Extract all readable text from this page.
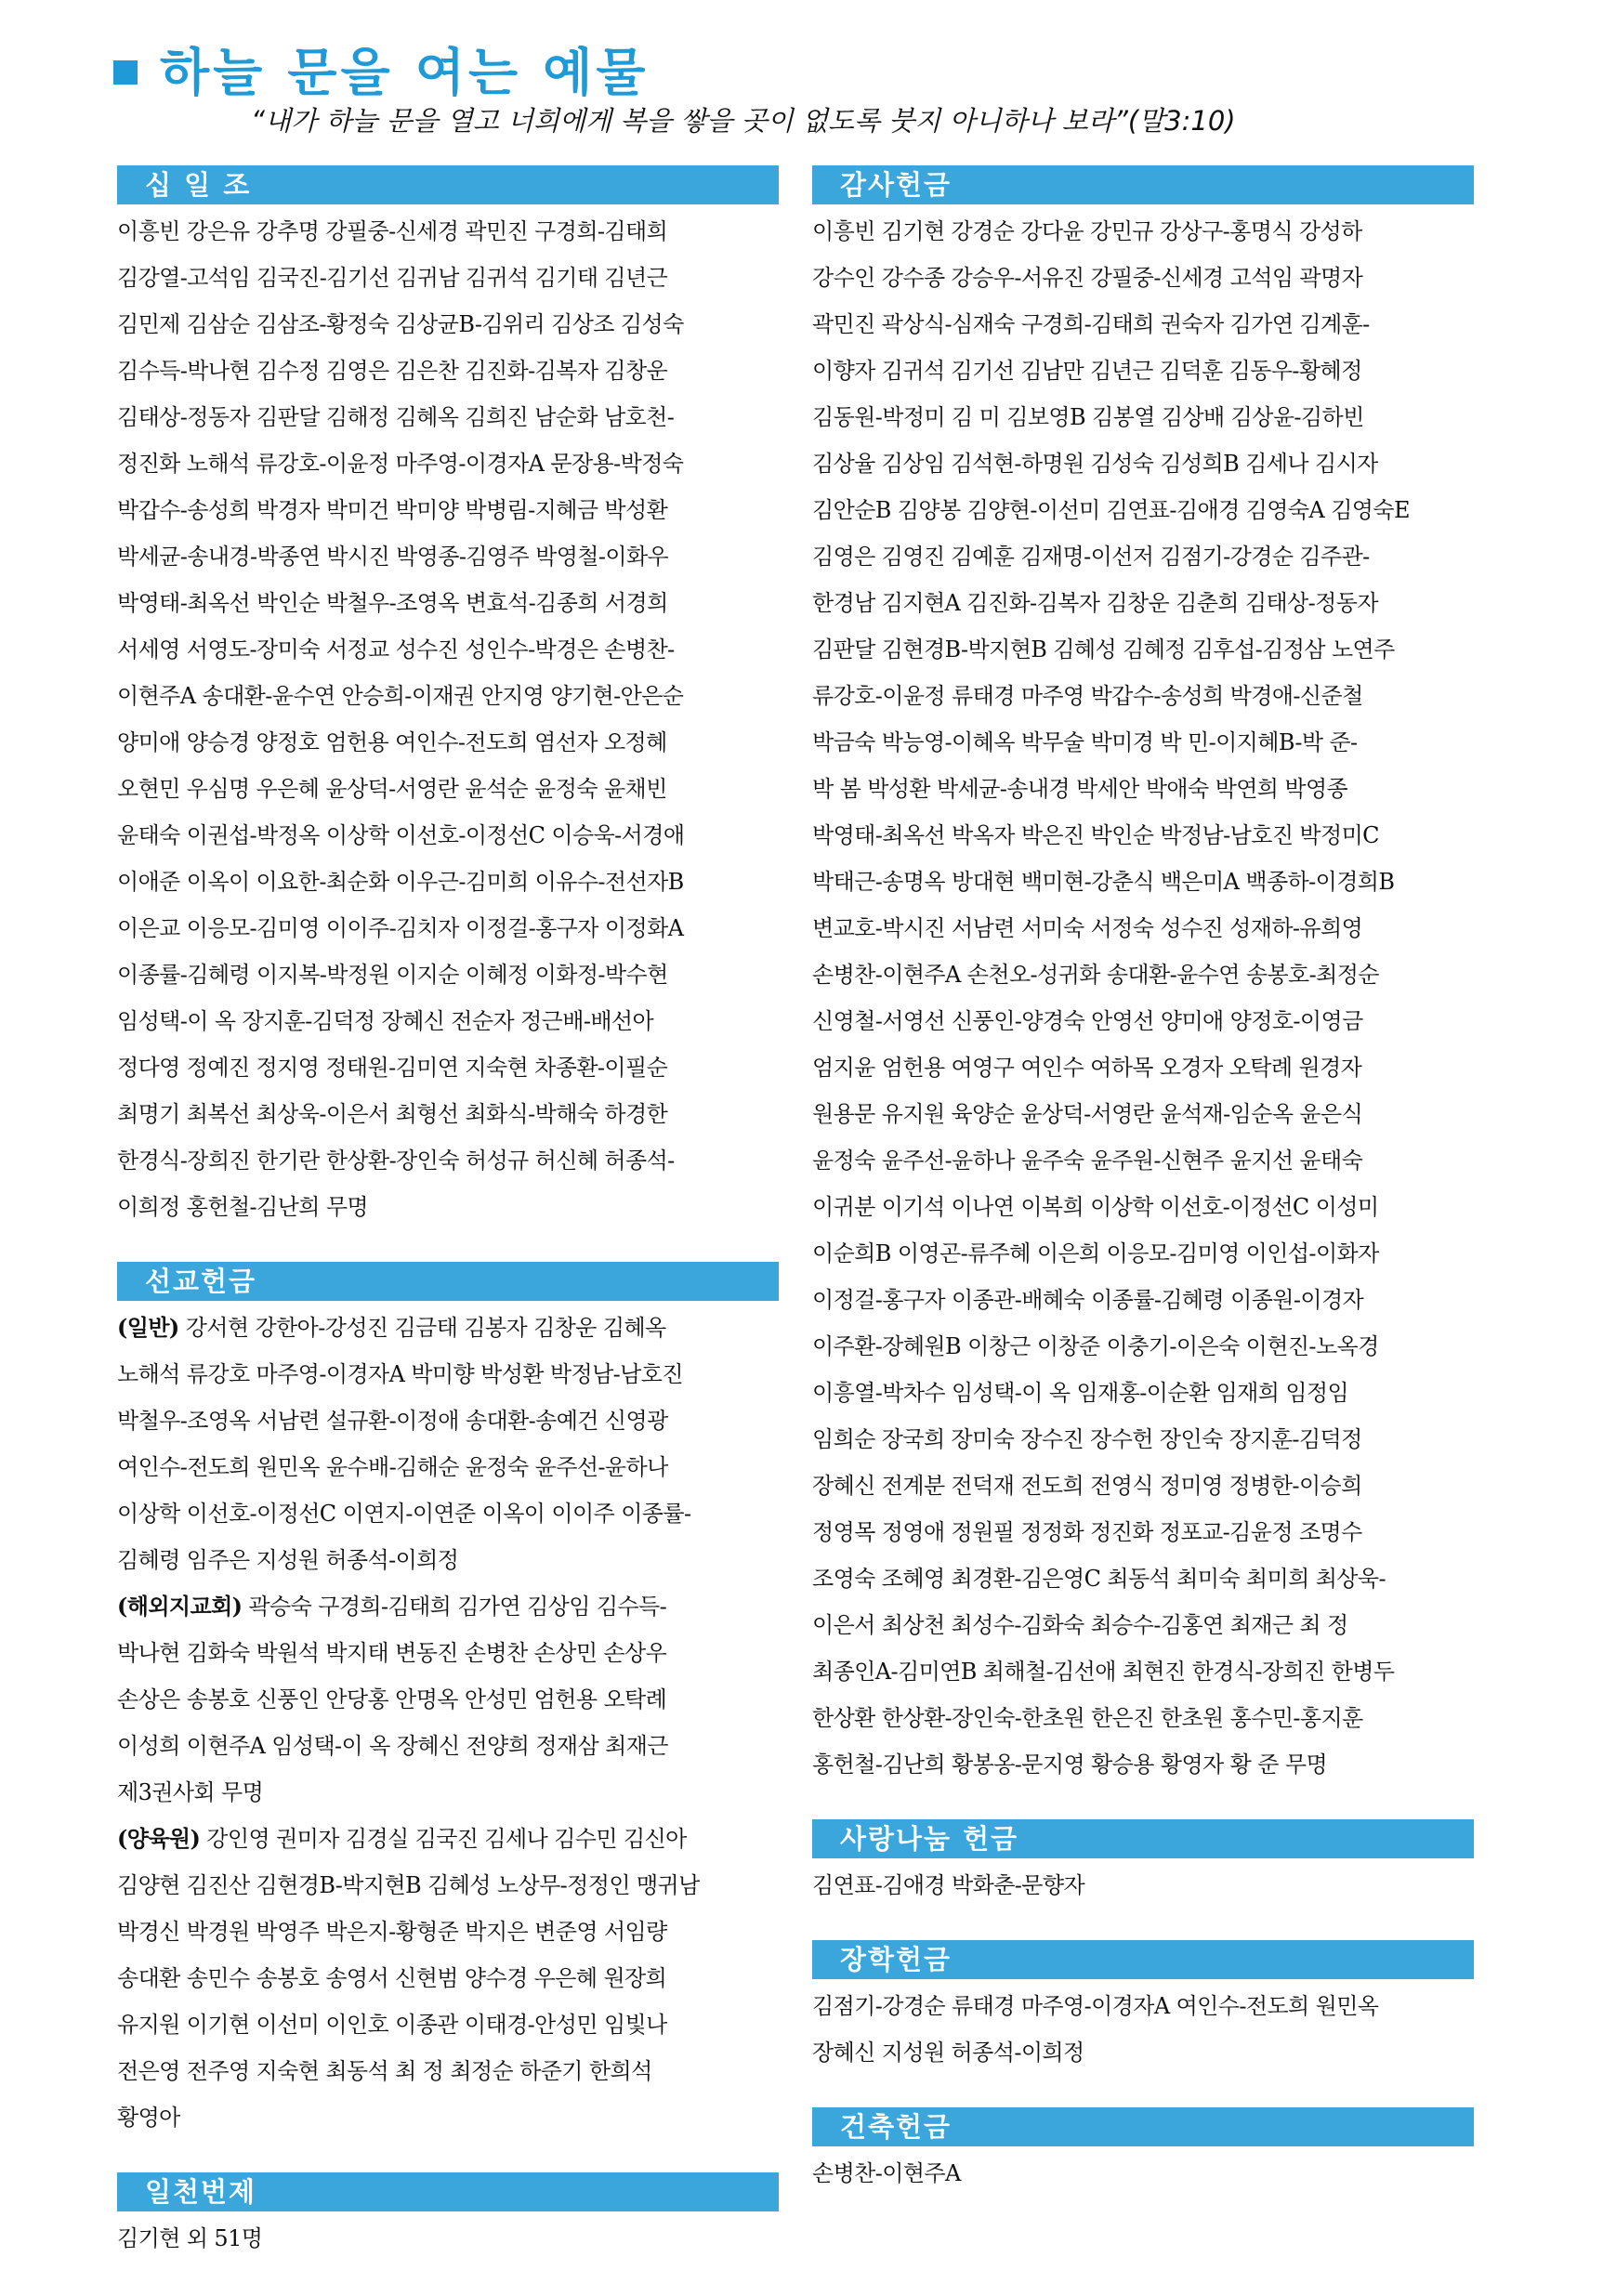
하늘 문을 여는 예물
“내가 하늘 문을 열고 너희에게 복을 쌓을 곳이 없도록 붓지 아니하나 보라”(말3:10)
십 일 조
이흥빈 강은유 강추명 강필중-신세경 곽민진 구경희-김태희
김강열-고석임 김국진-김기선 김귀남 김귀석 김기태 김년근
김민제 김삼순 김삼조-황정숙 김상균B-김위리 김상조 김성숙
김수득-박나현 김수정 김영은 김은찬 김진화-김복자 김창운
김태상-정동자 김판달 김해정 김혜옥 김희진 남순화 남호천-
정진화 노해석 류강호-이윤정 마주영-이경자A 문장용-박정숙
박갑수-송성희 박경자 박미건 박미양 박병림-지혜금 박성환
박세균-송내경-박종연 박시진 박영종-김영주 박영철-이화우
박영태-최옥선 박인순 박철우-조영옥 변효석-김종희 서경희
서세영 서영도-장미숙 서정교 성수진 성인수-박경은 손병찬-
이현주A 송대환-윤수연 안승희-이재권 안지영 양기현-안은순
양미애 양승경 양정호 엄헌용 여인수-전도희 염선자 오정혜
오현민 우심명 우은혜 윤상덕-서영란 윤석순 윤정숙 윤채빈
윤태숙 이권섭-박정옥 이상학 이선호-이정선C 이승욱-서경애
이애준 이옥이 이요한-최순화 이우근-김미희 이유수-전선자B
이은교 이응모-김미영 이이주-김치자 이정걸-홍구자 이정화A
이종률-김혜령 이지복-박정원 이지순 이혜정 이화정-박수현
임성택-이 옥 장지훈-김덕정 장혜신 전순자 정근배-배선아
정다영 정예진 정지영 정태원-김미연 지숙현 차종환-이필순
최명기 최복선 최상욱-이은서 최형선 최화식-박해숙 하경한
한경식-장희진 한기란 한상환-장인숙 허성규 허신혜 허종석-
이희정 홍헌철-김난희 무명
선교헌금
(일반) 강서현 강한아-강성진 김금태 김봉자 김창운 김혜옥
노해석 류강호 마주영-이경자A 박미향 박성환 박정남-남호진
박철우-조영옥 서남련 설규환-이정애 송대환-송예건 신영광
여인수-전도희 원민옥 윤수배-김해순 윤정숙 윤주선-윤하나
이상학 이선호-이정선C 이연지-이연준 이옥이 이이주 이종률-
김혜령 임주은 지성원 허종석-이희정
(해외지교회) 곽승숙 구경희-김태희 김가연 김상임 김수득-
박나현 김화숙 박원석 박지태 변동진 손병찬 손상민 손상우
손상은 송봉호 신풍인 안당홍 안명옥 안성민 엄헌용 오탁례
이성희 이현주A 임성택-이 옥 장혜신 전양희 정재삼 최재근
제3권사회 무명
(양육원) 강인영 권미자 김경실 김국진 김세나 김수민 김신아
김양현 김진산 김현경B-박지현B 김혜성 노상무-정정인 맹귀남
박경신 박경원 박영주 박은지-황형준 박지은 변준영 서임량
송대환 송민수 송봉호 송영서 신현범 양수경 우은혜 원장희
유지원 이기현 이선미 이인호 이종관 이태경-안성민 임빛나
전은영 전주영 지숙현 최동석 최 정 최정순 하준기 한희석
황영아
일천번제
김기현 외 51명
감사헌금
이흥빈 김기현 강경순 강다윤 강민규 강상구-홍명식 강성하
강수인 강수종 강승우-서유진 강필중-신세경 고석임 곽명자
곽민진 곽상식-심재숙 구경희-김태희 권숙자 김가연 김계훈-
이향자 김귀석 김기선 김남만 김년근 김덕훈 김동우-황혜정
김동원-박정미 김 미 김보영B 김봉열 김상배 김상윤-김하빈
김상율 김상임 김석현-하명원 김성숙 김성희B 김세나 김시자
김안순B 김양봉 김양현-이선미 김연표-김애경 김영숙A 김영숙E
김영은 김영진 김예훈 김재명-이선저 김점기-강경순 김주관-
한경남 김지현A 김진화-김복자 김창운 김춘희 김태상-정동자
김판달 김현경B-박지현B 김혜성 김혜정 김후섭-김정삼 노연주
류강호-이윤정 류태경 마주영 박갑수-송성희 박경애-신준철
박금숙 박능영-이혜옥 박무술 박미경 박 민-이지혜B-박 준-
박 봄 박성환 박세균-송내경 박세안 박애숙 박연희 박영종
박영태-최옥선 박옥자 박은진 박인순 박정남-남호진 박정미C
박태근-송명옥 방대현 백미현-강춘식 백은미A 백종하-이경희B
변교호-박시진 서남련 서미숙 서정숙 성수진 성재하-유희영
손병찬-이현주A 손천오-성귀화 송대환-윤수연 송봉호-최정순
신영철-서영선 신풍인-양경숙 안영선 양미애 양정호-이영금
엄지윤 엄헌용 여영구 여인수 여하목 오경자 오탁례 원경자
원용문 유지원 육양순 윤상덕-서영란 윤석재-임순옥 윤은식
윤정숙 윤주선-윤하나 윤주숙 윤주원-신현주 윤지선 윤태숙
이귀분 이기석 이나연 이복희 이상학 이선호-이정선C 이성미
이순희B 이영곤-류주혜 이은희 이응모-김미영 이인섭-이화자
이정걸-홍구자 이종관-배혜숙 이종률-김혜령 이종원-이경자
이주환-장혜원B 이창근 이창준 이충기-이은숙 이현진-노옥경
이흥열-박차수 임성택-이 옥 임재홍-이순환 임재희 임정임
임희순 장국희 장미숙 장수진 장수헌 장인숙 장지훈-김덕정
장혜신 전계분 전덕재 전도희 전영식 정미영 정병한-이승희
정영목 정영애 정원필 정정화 정진화 정포교-김윤정 조명수
조영숙 조혜영 최경환-김은영C 최동석 최미숙 최미희 최상욱-
이은서 최상천 최성수-김화숙 최승수-김홍연 최재근 최 정
최종인A-김미연B 최해철-김선애 최현진 한경식-장희진 한병두
한상환 한상환-장인숙-한초원 한은진 한초원 홍수민-홍지훈
홍헌철-김난희 황봉옹-문지영 황승용 황영자 황 준 무명
사랑나눔 헌금
김연표-김애경 박화춘-문향자
장학헌금
김점기-강경순 류태경 마주영-이경자A 여인수-전도희 원민옥
장혜신 지성원 허종석-이희정
건축헌금
손병찬-이현주A
